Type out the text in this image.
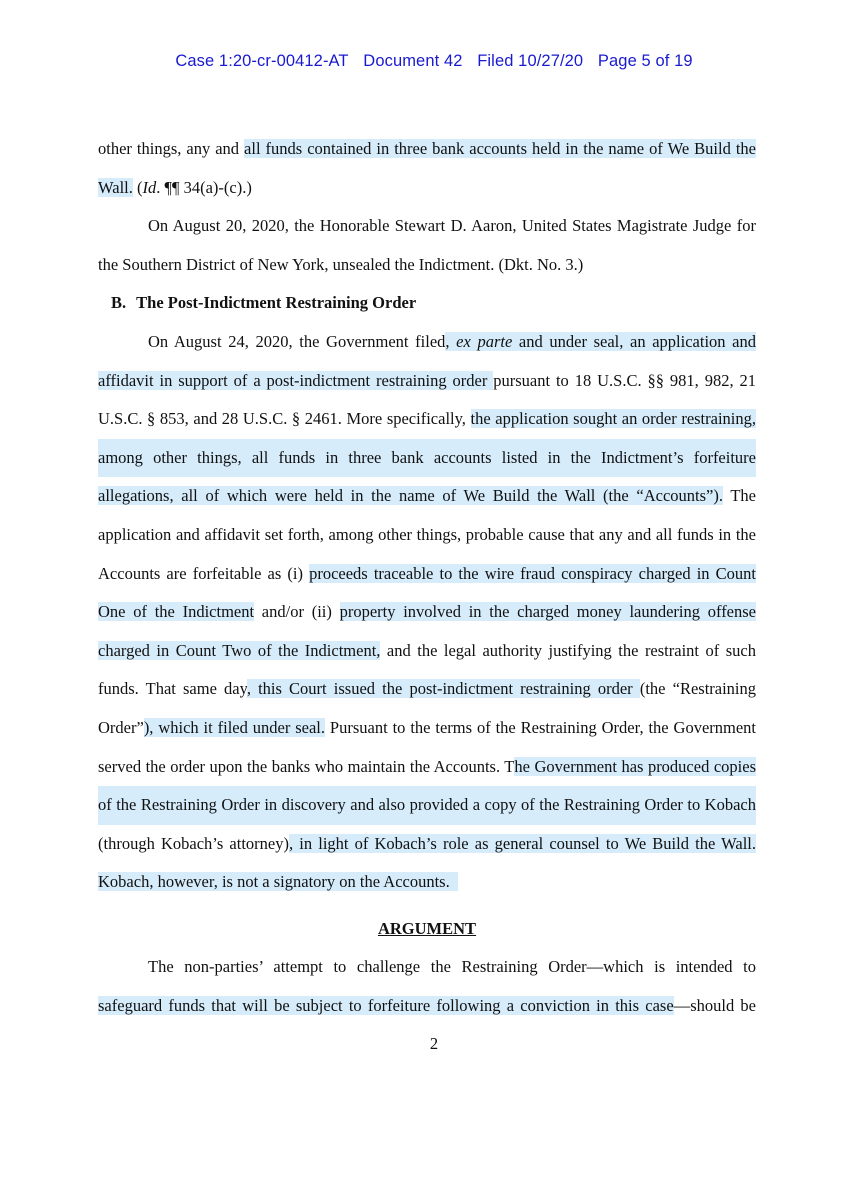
Case 1:20-cr-00412-AT Document 42 Filed 10/27/20 Page 5 of 19
other things, any and all funds contained in three bank accounts held in the name of We Build the
Wall. (Id. ¶¶ 34(a)-(c).)
On August 20, 2020, the Honorable Stewart D. Aaron, United States Magistrate Judge for
the Southern District of New York, unsealed the Indictment. (Dkt. No. 3.)
B. The Post-Indictment Restraining Order
On August 24, 2020, the Government filed, ex parte and under seal, an application and
affidavit in support of a post-indictment restraining order pursuant to 18 U.S.C. §§ 981, 982, 21
U.S.C. § 853, and 28 U.S.C. § 2461. More specifically, the application sought an order restraining,
among other things, all funds in three bank accounts listed in the Indictment’s forfeiture
allegations, all of which were held in the name of We Build the Wall (the “Accounts”). The
application and affidavit set forth, among other things, probable cause that any and all funds in the
Accounts are forfeitable as (i) proceeds traceable to the wire fraud conspiracy charged in Count
One of the Indictment and/or (ii) property involved in the charged money laundering offense
charged in Count Two of the Indictment, and the legal authority justifying the restraint of such
funds. That same day, this Court issued the post-indictment restraining order (the “Restraining
Order”), which it filed under seal. Pursuant to the terms of the Restraining Order, the Government
served the order upon the banks who maintain the Accounts. The Government has produced copies
of the Restraining Order in discovery and also provided a copy of the Restraining Order to Kobach
(through Kobach’s attorney), in light of Kobach’s role as general counsel to We Build the Wall.
Kobach, however, is not a signatory on the Accounts.
ARGUMENT
The non-parties’ attempt to challenge the Restraining Order—which is intended to
safeguard funds that will be subject to forfeiture following a conviction in this case—should be
2
